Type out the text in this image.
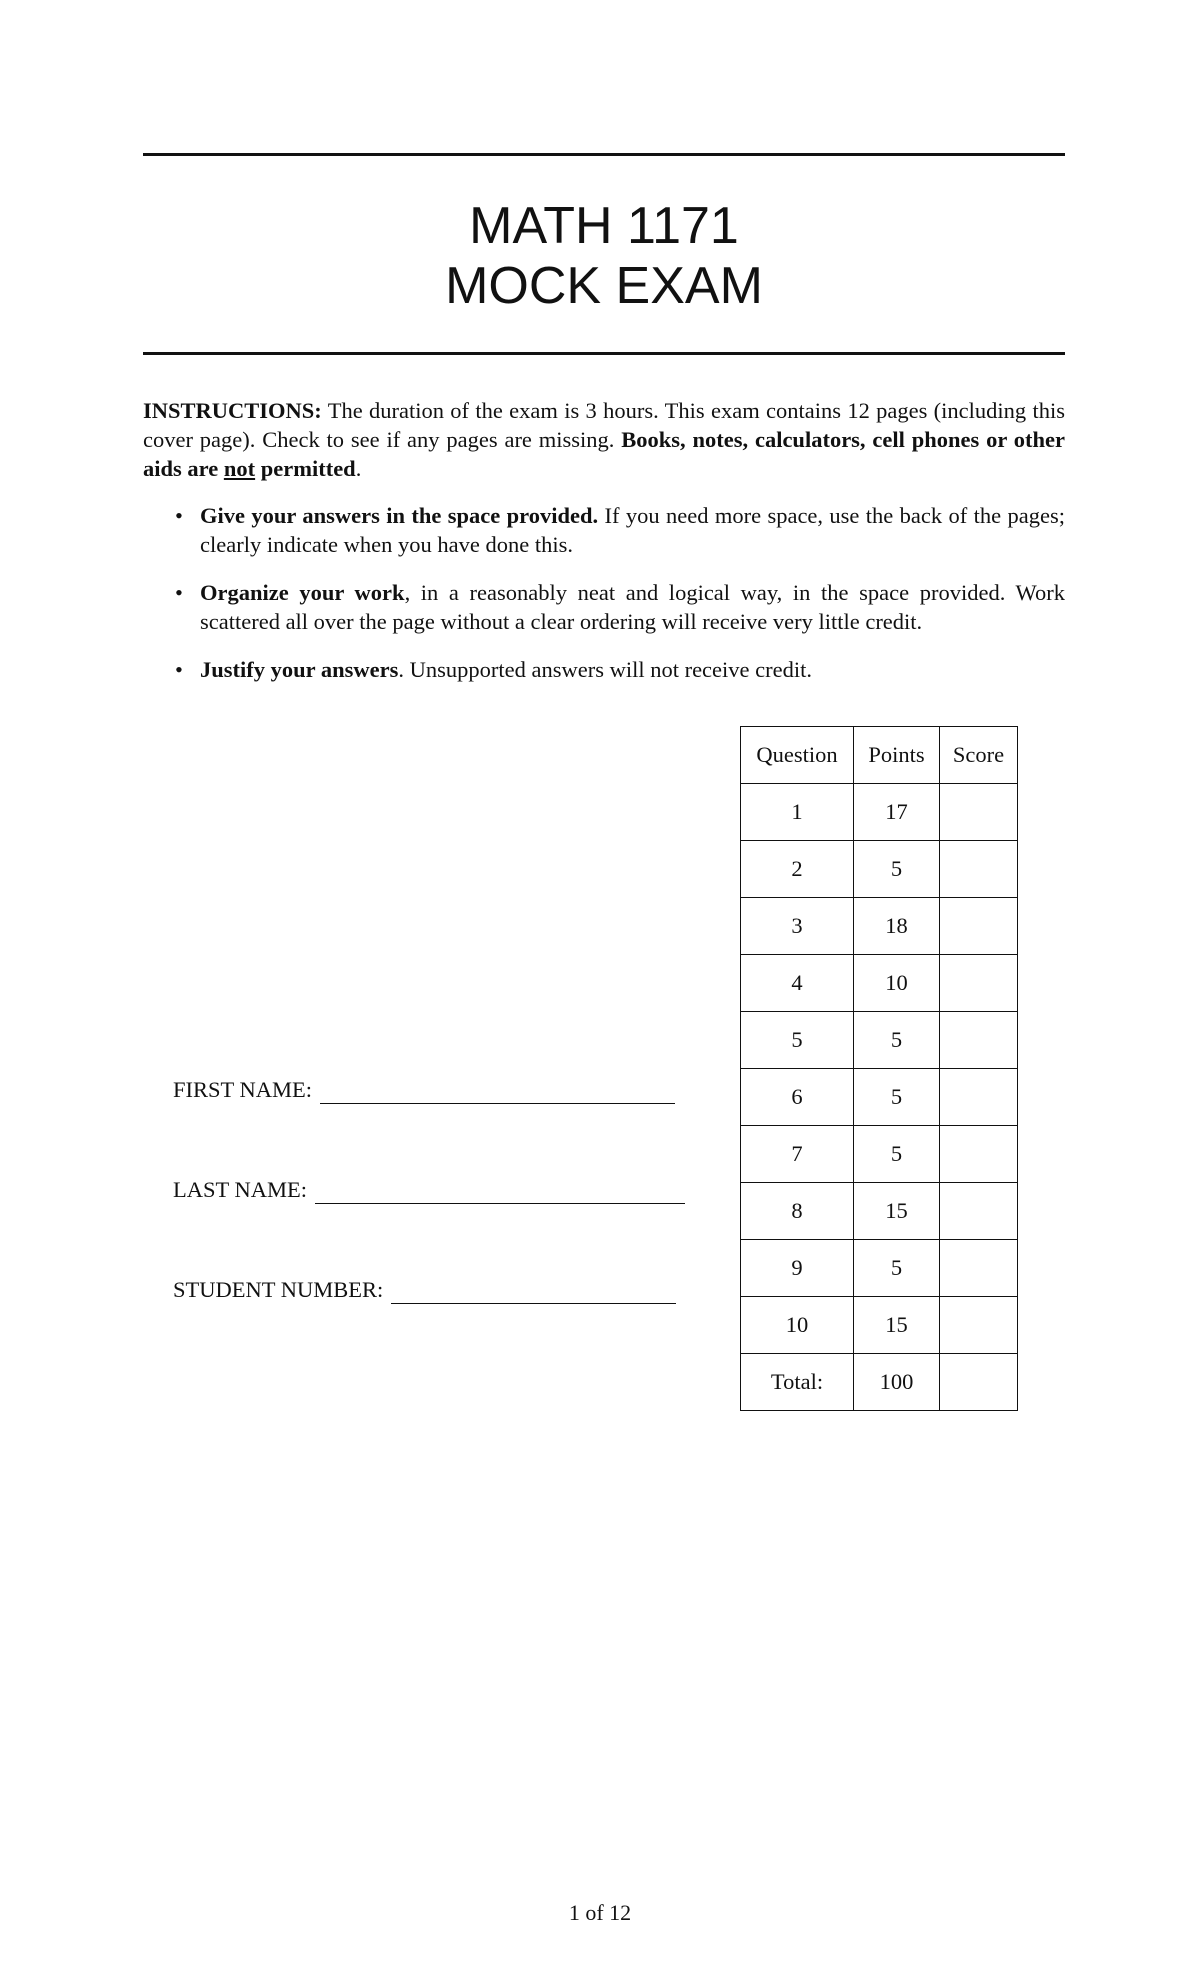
MATH 1171
MOCK EXAM
INSTRUCTIONS: The duration of the exam is 3 hours. This exam contains 12 pages (including this cover page). Check to see if any pages are missing. Books, notes, calculators, cell phones or other aids are not permitted.
• Give your answers in the space provided. If you need more space, use the back of the pages; clearly indicate when you have done this.
• Organize your work, in a reasonably neat and logical way, in the space provided. Work scattered all over the page without a clear ordering will receive very little credit.
• Justify your answers. Unsupported answers will not receive credit.
Question	Points	Score
1	17	
2	5	
3	18	
4	10	
5	5	
6	5	
7	5	
8	15	
9	5	
10	15	
Total:	100	
FIRST NAME:
LAST NAME:
STUDENT NUMBER:
1 of 12
